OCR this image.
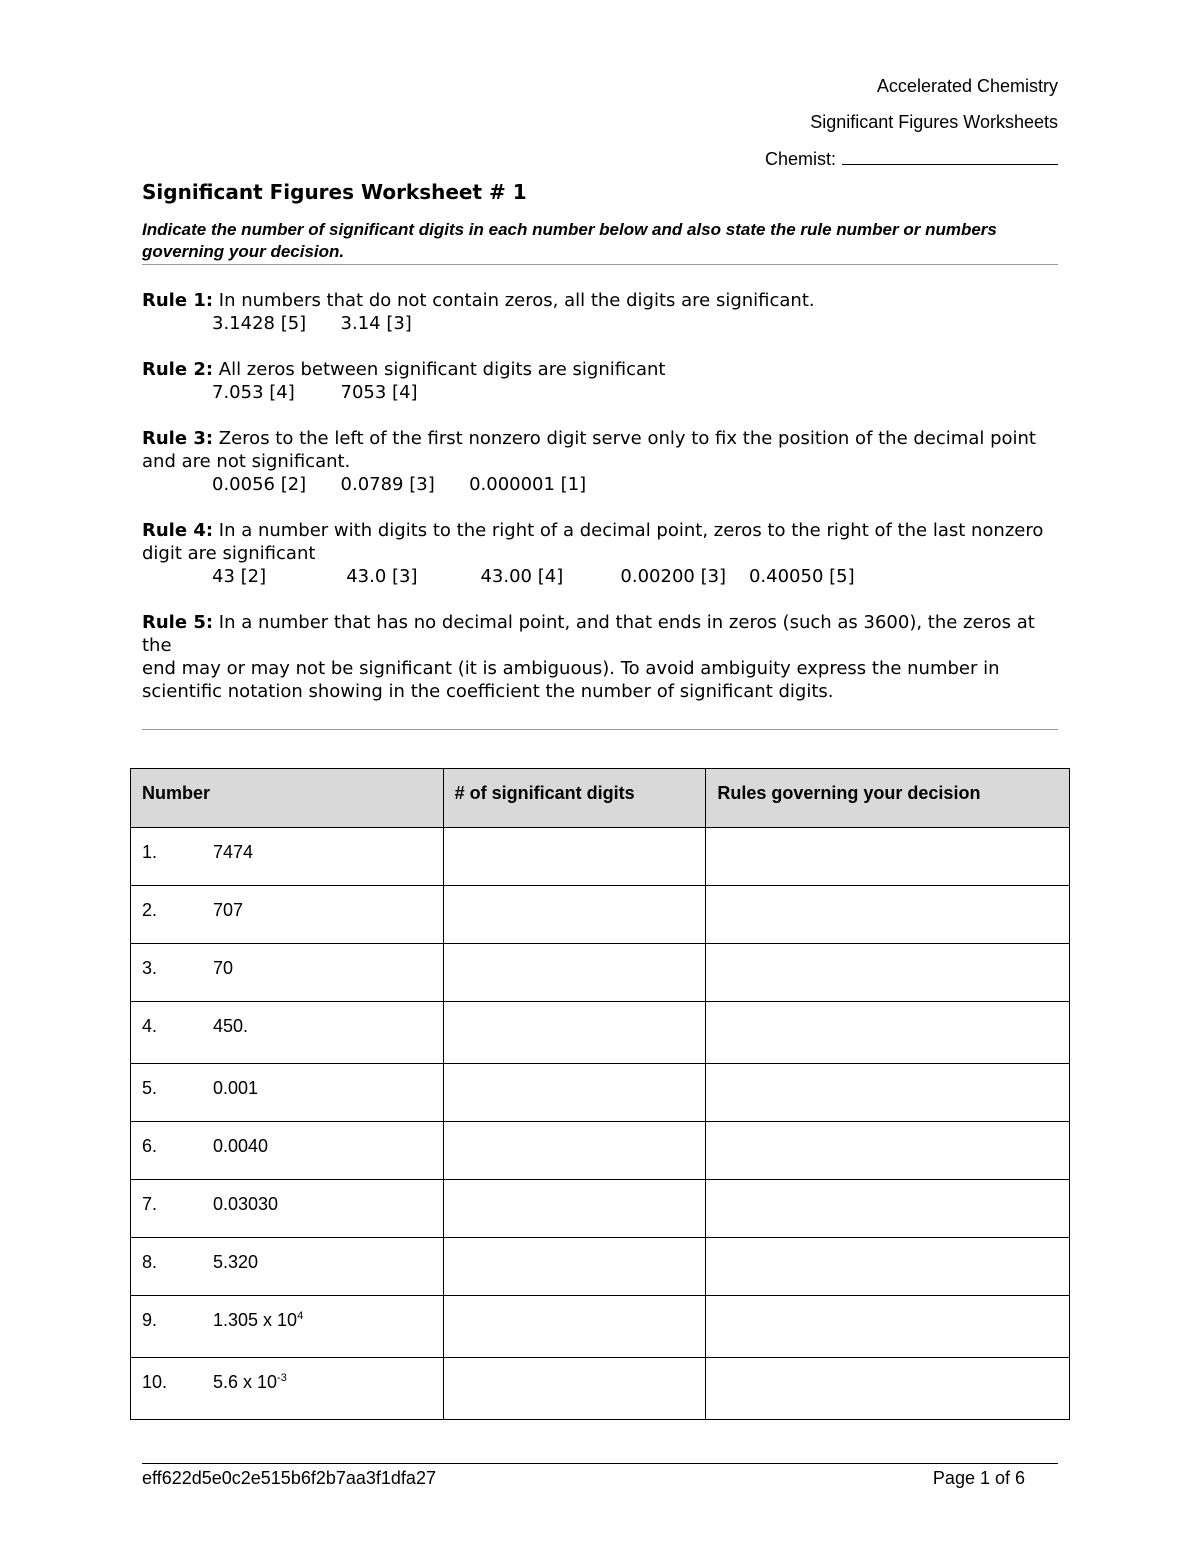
Accelerated Chemistry
Significant Figures Worksheets
Chemist:
Significant Figures Worksheet # 1
Indicate the number of significant digits in each number below and also state the rule number or numbers governing your decision.
Rule 1: In numbers that do not contain zeros, all the digits are significant.
3.1428 [5]      3.14 [3]
Rule 2: All zeros between significant digits are significant
7.053 [4]        7053 [4]
Rule 3: Zeros to the left of the first nonzero digit serve only to fix the position of the decimal point and are not significant.
0.0056 [2]      0.0789 [3]      0.000001 [1]
Rule 4: In a number with digits to the right of a decimal point, zeros to the right of the last nonzero digit are significant
43 [2]              43.0 [3]           43.00 [4]          0.00200 [3]    0.40050 [5]
Rule 5: In a number that has no decimal point, and that ends in zeros (such as 3600), the zeros at the
end may or may not be significant (it is ambiguous). To avoid ambiguity express the number in scientific notation showing in the coefficient the number of significant digits.
Number	# of significant digits	Rules governing your decision
1. 7474		
2. 707		
3. 70		
4. 450.		
5. 0.001		
6. 0.0040		
7. 0.03030		
8. 5.320		
9. 1.305 x $10^4$		
10. 5.6 x $10^{-3}$		
eff622d5e0c2e515b6f2b7aa3f1dfa27	Page 1 of 6
